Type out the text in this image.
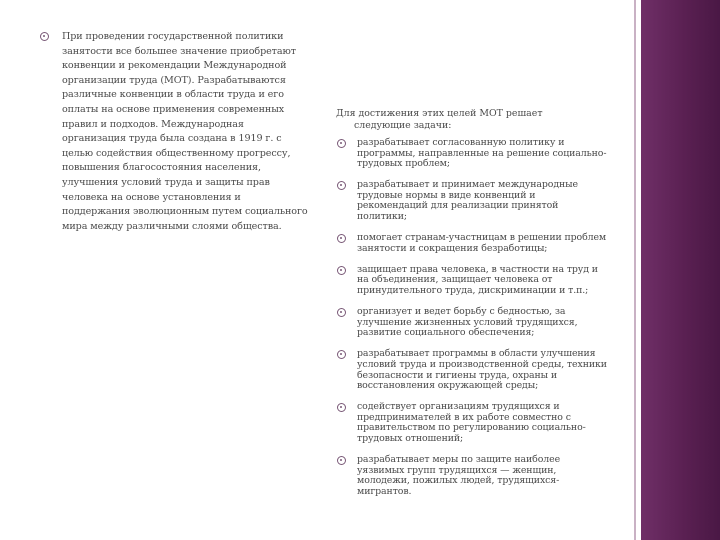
При проведении государственной политики занятости все большее значение приобретают конвенции и рекомендации Международной организации труда (МОТ). Разрабатываются различные конвенции в области труда и его оплаты на основе применения современных правил и подходов. Международная организация труда была создана в 1919 г. с целью содействия общественному прогрессу, повышения благосостояния населения, улучшения условий труда и защиты прав человека на основе установления и поддержания эволюционным путем социального мира между различными слоями общества.

Для достижения этих целей МОТ решает
следующие задачи:

разрабатывает согласованную политику и программы, направленные на решение социально-трудовых проблем;
разрабатывает и принимает международные трудовые нормы в виде конвенций и рекомендаций для реализации принятой политики;
помогает странам-участницам в решении проблем занятости и сокращения безработицы;
защищает права человека, в частности на труд и на объединения, защищает человека от принудительного труда, дискриминации и т.п.;
организует и ведет борьбу с бедностью, за улучшение жизненных условий трудящихся, развитие социального обеспечения;
разрабатывает программы в области улучшения условий труда и производственной среды, техники безопасности и гигиены труда, охраны и восстановления окружающей среды;
содействует организациям трудящихся и предпринимателей в их работе совместно с правительством по регулированию социально-трудовых отношений;
разрабатывает меры по защите наиболее уязвимых групп трудящихся — женщин, молодежи, пожилых людей, трудящихся-мигрантов.
